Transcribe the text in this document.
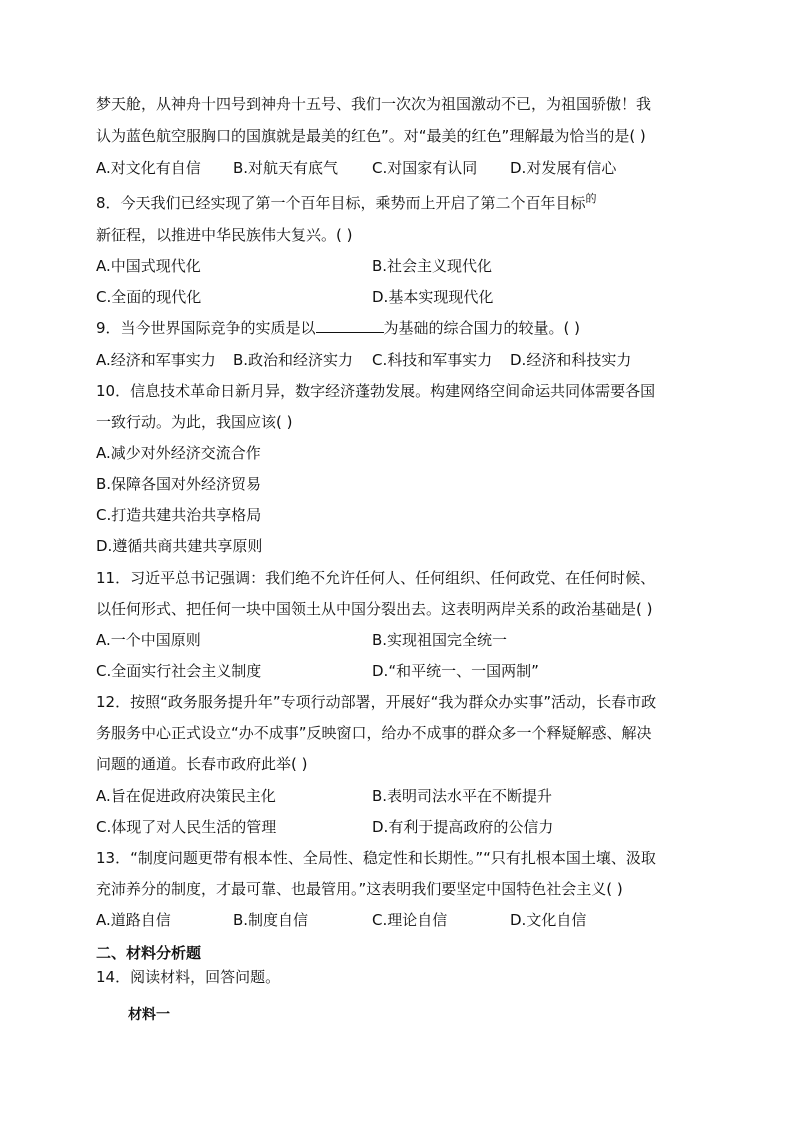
梦天舱，从神舟十四号到神舟十五号、我们一次次为祖国激动不已，为祖国骄傲！我
认为蓝色航空服胸口的国旗就是最美的红色”。对“最美的红色”理解最为恰当的是( )
A.对文化有自信 B.对航天有底气 C.对国家有认同 D.对发展有信心
8．今天我们已经实现了第一个百年目标，乘势而上开启了第二个百年目标$^的$
新征程，以推进中华民族伟大复兴。( )
A.中国式现代化	B.社会主义现代化
C.全面的现代化	D.基本实现现代化
9．当今世界国际竞争的实质是以	为基础的综合国力的较量。( )
A.经济和军事实力 B.政治和经济实力 C.科技和军事实力 D.经济和科技实力
10．信息技术革命日新月异，数字经济蓬勃发展。构建网络空间命运共同体需要各国
一致行动。为此，我国应该( )
A.减少对外经济交流合作
B.保障各国对外经济贸易
C.打造共建共治共享格局
D.遵循共商共建共享原则
11．习近平总书记强调：我们绝不允许任何人、任何组织、任何政党、在任何时候、
以任何形式、把任何一块中国领土从中国分裂出去。这表明两岸关系的政治基础是( )
A.一个中国原则	B.实现祖国完全统一
C.全面实行社会主义制度	D.“和平统一、一国两制”
12．按照“政务服务提升年”专项行动部署，开展好“我为群众办实事”活动，长春市政
务服务中心正式设立“办不成事”反映窗口，给办不成事的群众多一个释疑解惑、解决
问题的通道。长春市政府此举( )
A.旨在促进政府决策民主化	B.表明司法水平在不断提升
C.体现了对人民生活的管理	D.有利于提高政府的公信力
13．“制度问题更带有根本性、全局性、稳定性和长期性。”“只有扎根本国土壤、汲取
充沛养分的制度，才最可靠、也最管用。”这表明我们要坚定中国特色社会主义( )
A.道路自信	B.制度自信	C.理论自信	D.文化自信
二、材料分析题
14．阅读材料，回答问题。
材料一
